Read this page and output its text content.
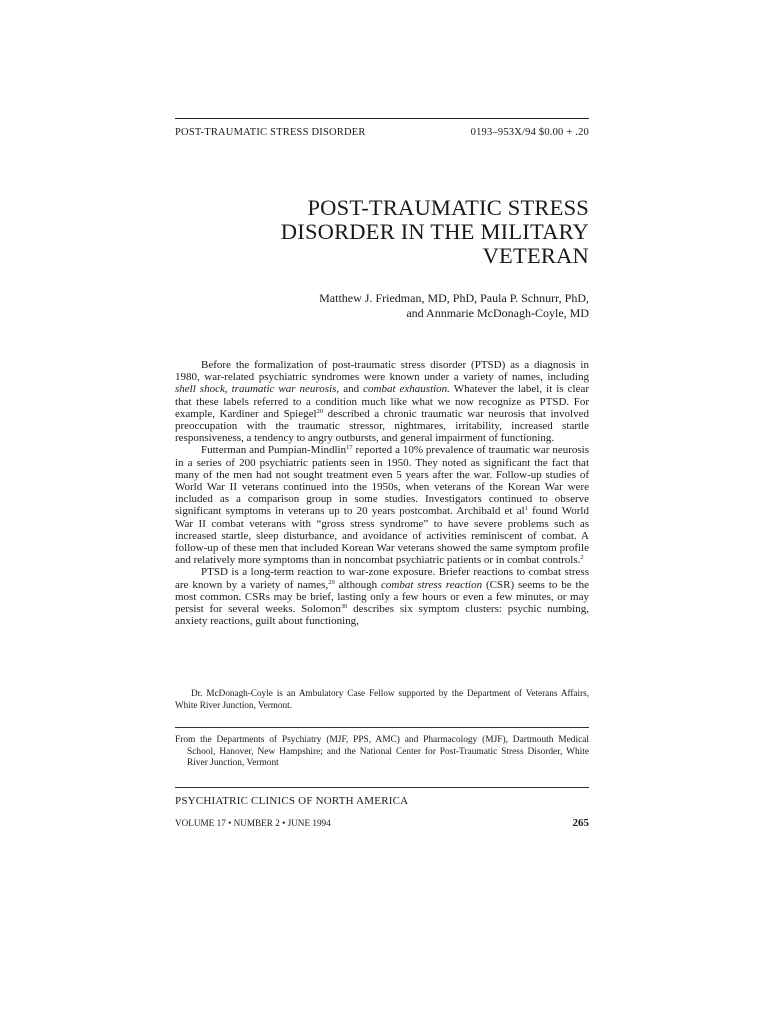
POST-TRAUMATIC STRESS DISORDER	0193–953X/94 $0.00 + .20
POST-TRAUMATIC STRESS
DISORDER IN THE MILITARY
VETERAN
Matthew J. Friedman, MD, PhD, Paula P. Schnurr, PhD,
and Annmarie McDonagh-Coyle, MD

Before the formalization of post-traumatic stress disorder (PTSD) as a diagnosis in 1980, war-related psychiatric syndromes were known under a variety of names, including shell shock, traumatic war neurosis, and combat exhaustion. Whatever the label, it is clear that these labels referred to a condition much like what we now recognize as PTSD. For example, Kardiner and Spiegel$^{20}$ described a chronic traumatic war neurosis that involved preoccupation with the traumatic stressor, nightmares, irritability, increased startle responsiveness, a tendency to angry outbursts, and general impairment of functioning.

Futterman and Pumpian-Mindlin$^{17}$ reported a 10% prevalence of traumatic war neurosis in a series of 200 psychiatric patients seen in 1950. They noted as significant the fact that many of the men had not sought treatment even 5 years after the war. Follow-up studies of World War II veterans continued into the 1950s, when veterans of the Korean War were included as a comparison group in some studies. Investigators continued to observe significant symptoms in veterans up to 20 years postcombat. Archibald et $al^1$ found World War II combat veterans with “gross stress syndrome” to have severe problems such as increased startle, sleep disturbance, and avoidance of activities reminiscent of combat. A follow-up of these men that included Korean War veterans showed the same symptom profile and relatively more symptoms than in noncombat psychiatric patients or in combat controls.$^2$

PTSD is a long-term reaction to war-zone exposure. Briefer reactions to combat stress are known by a variety of names,$^{29}$ although combat stress reaction (CSR) seems to be the most common. CSRs may be brief, lasting only a few hours or even a few minutes, or may persist for several weeks. Solomon$^{30}$ describes six symptom clusters: psychic numbing, anxiety reactions, guilt about functioning,

Dr. McDonagh-Coyle is an Ambulatory Case Fellow supported by the Department of Veterans Affairs, White River Junction, Vermont.

From the Departments of Psychiatry (MJF, PPS, AMC) and Pharmacology (MJF), Dartmouth Medical School, Hanover, New Hampshire; and the National Center for Post-Traumatic Stress Disorder, White River Junction, Vermont

PSYCHIATRIC CLINICS OF NORTH AMERICA
VOLUME 17 • NUMBER 2 • JUNE 1994	265
